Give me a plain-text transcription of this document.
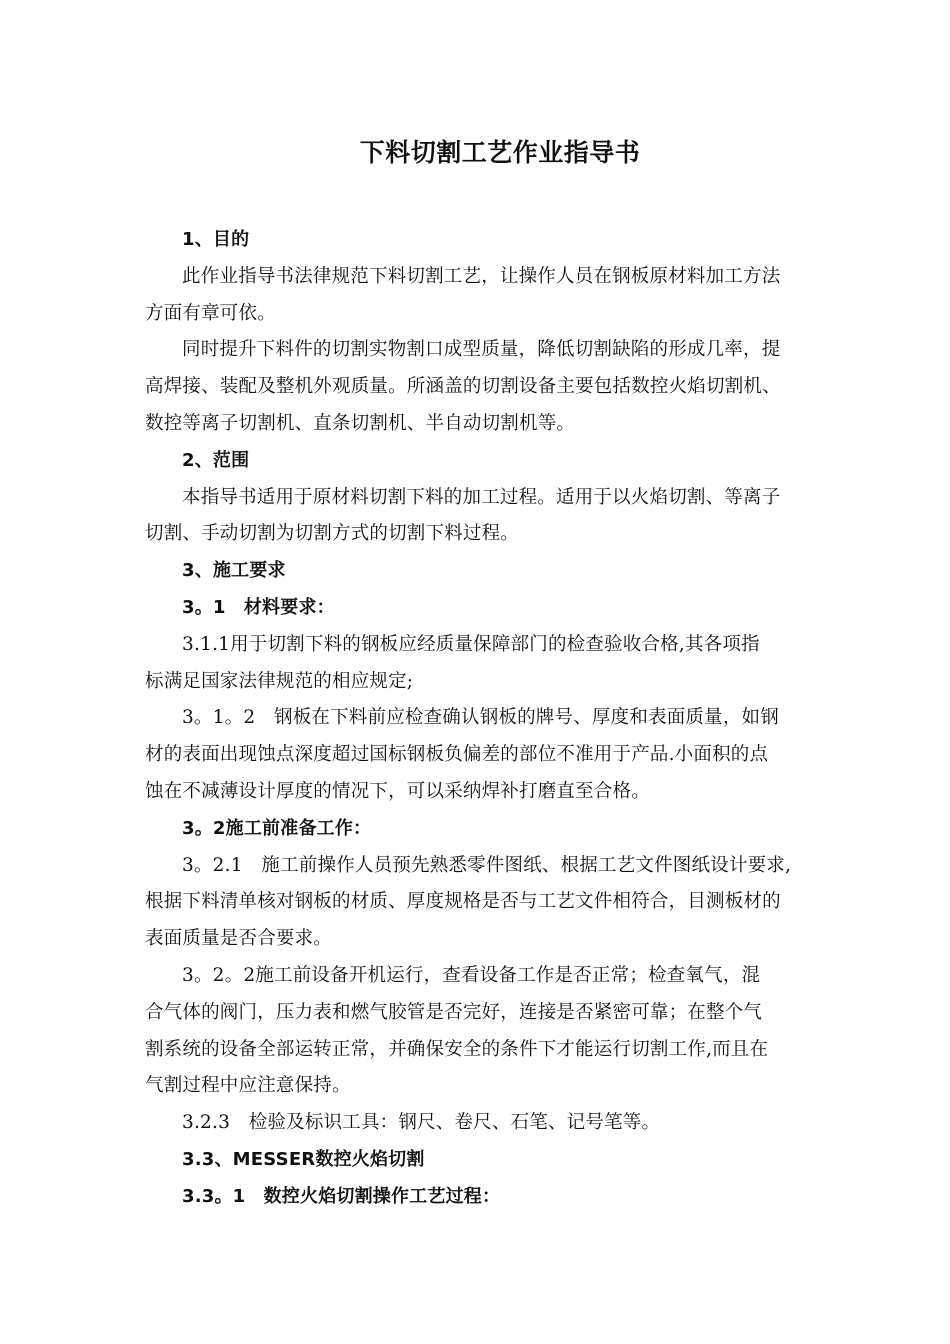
下料切割工艺作业指导书
1、目的
此作业指导书法律规范下料切割工艺，让操作人员在钢板原材料加工方法
方面有章可依。
同时提升下料件的切割实物割口成型质量，降低切割缺陷的形成几率，提
高焊接、装配及整机外观质量。所涵盖的切割设备主要包括数控火焰切割机、
数控等离子切割机、直条切割机、半自动切割机等。
2、范围
本指导书适用于原材料切割下料的加工过程。适用于以火焰切割、等离子
切割、手动切割为切割方式的切割下料过程。
3、施工要求
3。1　材料要求：
3.1.1用于切割下料的钢板应经质量保障部门的检查验收合格,其各项指
标满足国家法律规范的相应规定;
3。1。2　钢板在下料前应检查确认钢板的牌号、厚度和表面质量，如钢
材的表面出现蚀点深度超过国标钢板负偏差的部位不准用于产品.小面积的点
蚀在不减薄设计厚度的情况下，可以采纳焊补打磨直至合格。
3。2施工前准备工作：
3。2.1　施工前操作人员预先熟悉零件图纸、根据工艺文件图纸设计要求,
根据下料清单核对钢板的材质、厚度规格是否与工艺文件相符合，目测板材的
表面质量是否合要求。
3。2。2施工前设备开机运行，查看设备工作是否正常；检查氧气，混
合气体的阀门，压力表和燃气胶管是否完好，连接是否紧密可靠；在整个气
割系统的设备全部运转正常，并确保安全的条件下才能运行切割工作,而且在
气割过程中应注意保持。
3.2.3　检验及标识工具：钢尺、卷尺、石笔、记号笔等。
3.3、MESSER数控火焰切割
3.3。1　数控火焰切割操作工艺过程：
